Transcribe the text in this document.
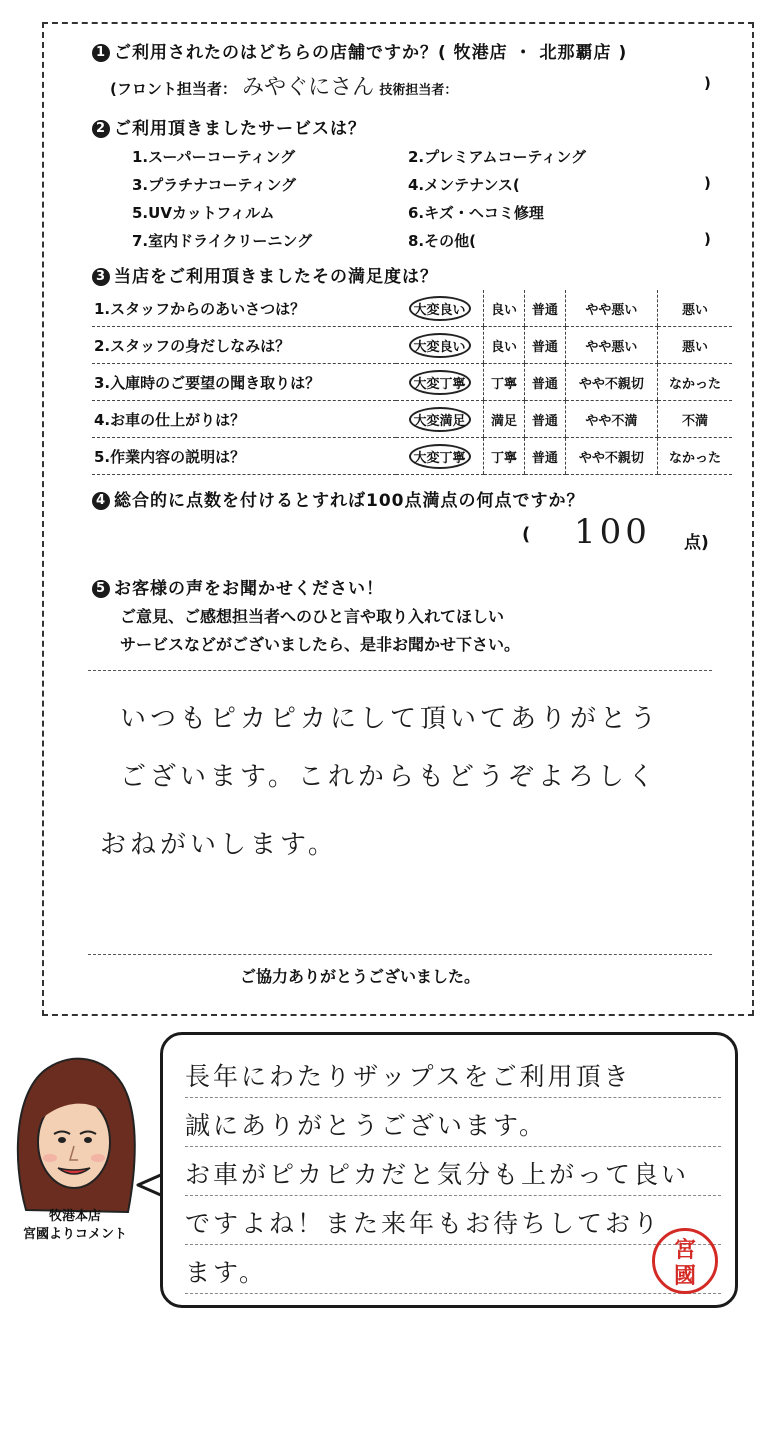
1 ご利用されたのはどちらの店舗ですか？( 牧港店 ・ 北那覇店 )
(フロント担当者： みやぐにさん 技術担当者：	)
2 ご利用頂きましたサービスは？
1.スーパーコーティング	2.プレミアムコーティング
3.プラチナコーティング	4.メンテナンス(	)
5.UVカットフィルム	6.キズ・ヘコミ修理
7.室内ドライクリーニング	8.その他(	)
3 当店をご利用頂きましたその満足度は？
1.スタッフからのあいさつは？	大変良い	良い	普通	やや悪い	悪い
2.スタッフの身だしなみは？	大変良い	良い	普通	やや悪い	悪い
3.入庫時のご要望の聞き取りは？	大変丁寧	丁寧	普通	やや不親切	なかった
4.お車の仕上がりは？	大変満足	満足	普通	やや不満	不満
5.作業内容の説明は？	大変丁寧	丁寧	普通	やや不親切	なかった
4 総合的に点数を付けるとすれば100点満点の何点ですか？
( 100 点)
5 お客様の声をお聞かせください！
ご意見、ご感想担当者へのひと言や取り入れてほしい
サービスなどがございましたら、是非お聞かせ下さい。
いつもピカピカにして頂いてありがとう
ございます。これからもどうぞよろしく
おねがいします。
ご協力ありがとうございました。
牧港本店
宮國よりコメント
長年にわたりザップスをご利用頂き
誠にありがとうございます。
お車がピカピカだと気分も上がって良い
ですよね！また来年もお待ちしており
ます。
宮
國
